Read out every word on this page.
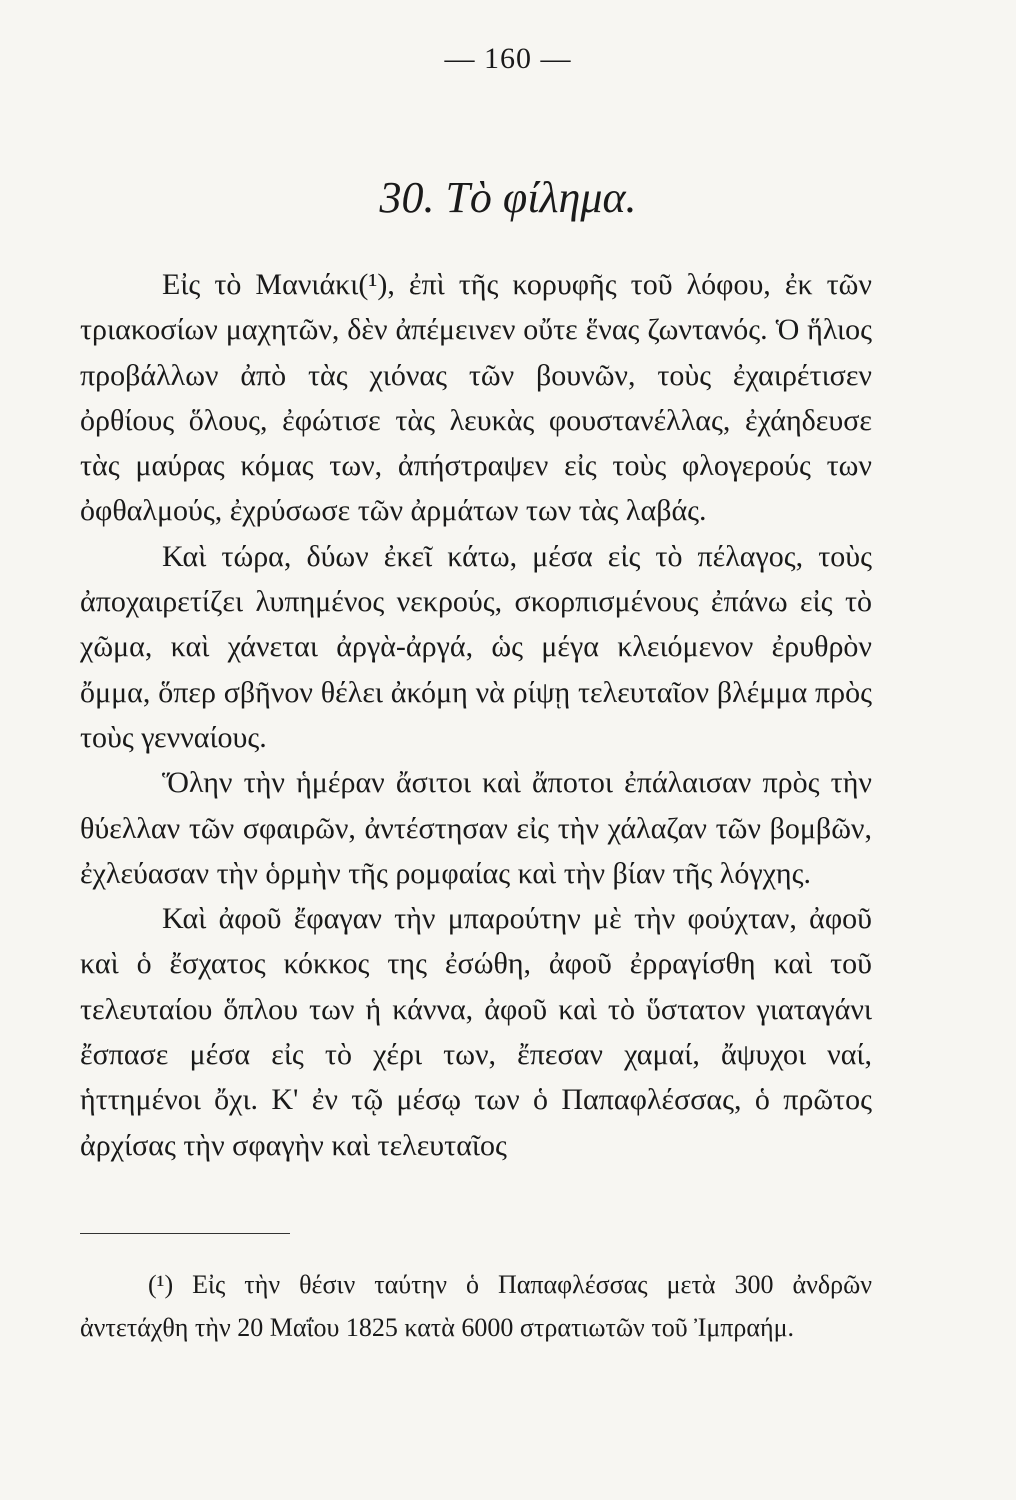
— 160 —
30. Τὸ φίλημα.

Εἰς τὸ Μανιάκι(¹), ἐπὶ τῆς κορυφῆς τοῦ λόφου, ἐκ τῶν τριακοσίων μαχητῶν, δὲν ἀπέμεινεν οὔτε ἕνας ζωντανός. Ὁ ἥλιος προβάλλων ἀπὸ τὰς χιόνας τῶν βουνῶν, τοὺς ἐχαιρέτισεν ὀρθίους ὅλους, ἐφώτισε τὰς λευκὰς φουστανέλλας, ἐχάηδευσε τὰς μαύρας κόμας των, ἀπήστραψεν εἰς τοὺς φλογερούς των ὀφθαλμούς, ἐχρύσωσε τῶν ἀρμάτων των τὰς λαβάς.

Καὶ τώρα, δύων ἐκεῖ κάτω, μέσα εἰς τὸ πέλαγος, τοὺς ἀποχαιρετίζει λυπημένος νεκρούς, σκορπισμένους ἐπάνω εἰς τὸ χῶμα, καὶ χάνεται ἀργὰ-ἀργά, ὡς μέγα κλειόμενον ἐρυθρὸν ὄμμα, ὅπερ σβῆνον θέλει ἀκόμη νὰ ρίψῃ τελευταῖον βλέμμα πρὸς τοὺς γενναίους.

Ὅλην τὴν ἡμέραν ἄσιτοι καὶ ἄποτοι ἐπάλαισαν πρὸς τὴν θύελλαν τῶν σφαιρῶν, ἀντέστησαν εἰς τὴν χάλαζαν τῶν βομβῶν, ἐχλεύασαν τὴν ὁρμὴν τῆς ρομφαίας καὶ τὴν βίαν τῆς λόγχης.

Καὶ ἀφοῦ ἔφαγαν τὴν μπαρούτην μὲ τὴν φούχταν, ἀφοῦ καὶ ὁ ἔσχατος κόκκος της ἐσώθη, ἀφοῦ ἐρραγίσθη καὶ τοῦ τελευταίου ὅπλου των ἡ κάννα, ἀφοῦ καὶ τὸ ὕστατον γιαταγάνι ἔσπασε μέσα εἰς τὸ χέρι των, ἔπεσαν χαμαί, ἄψυχοι ναί, ἡττημένοι ὄχι. Κ' ἐν τῷ μέσῳ των ὁ Παπαφλέσσας, ὁ πρῶτος ἀρχίσας τὴν σφαγὴν καὶ τελευταῖος

(¹) Εἰς τὴν θέσιν ταύτην ὁ Παπαφλέσσας μετὰ 300 ἀνδρῶν ἀντετάχθη τὴν 20 Μαΐου 1825 κατὰ 6000 στρατιωτῶν τοῦ Ἰμπραήμ.
